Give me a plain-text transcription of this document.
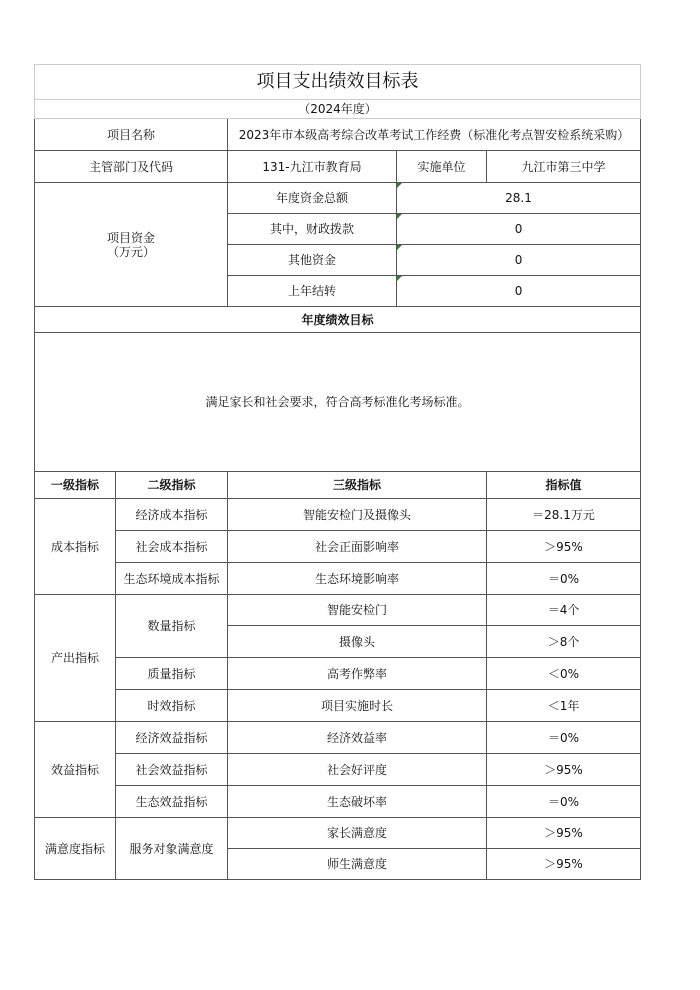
项目支出绩效目标表				
（2024年度）				
项目名称		2023年市本级高考综合改革考试工作经费（标准化考点智安检系统采购）		
主管部门及代码		131-九江市教育局	实施单位	九江市第三中学
项目资金
（万元）		年度资金总额	28.1	
		其中，财政拨款	0	
		其他资金	0	
		上年结转	0	
年度绩效目标				
满足家长和社会要求，符合高考标准化考场标准。				
一级指标	二级指标	三级指标		指标值
成本指标	经济成本指标	智能安检门及摄像头		＝28.1万元
	社会成本指标	社会正面影响率		＞95%
	生态环境成本指标	生态环境影响率		＝0%
产出指标	数量指标	智能安检门		＝4个
		摄像头		＞8个
	质量指标	高考作弊率		＜0%
	时效指标	项目实施时长		＜1年
效益指标	经济效益指标	经济效益率		＝0%
	社会效益指标	社会好评度		＞95%
	生态效益指标	生态破坏率		＝0%
满意度指标	服务对象满意度	家长满意度		＞95%
		师生满意度		＞95%
